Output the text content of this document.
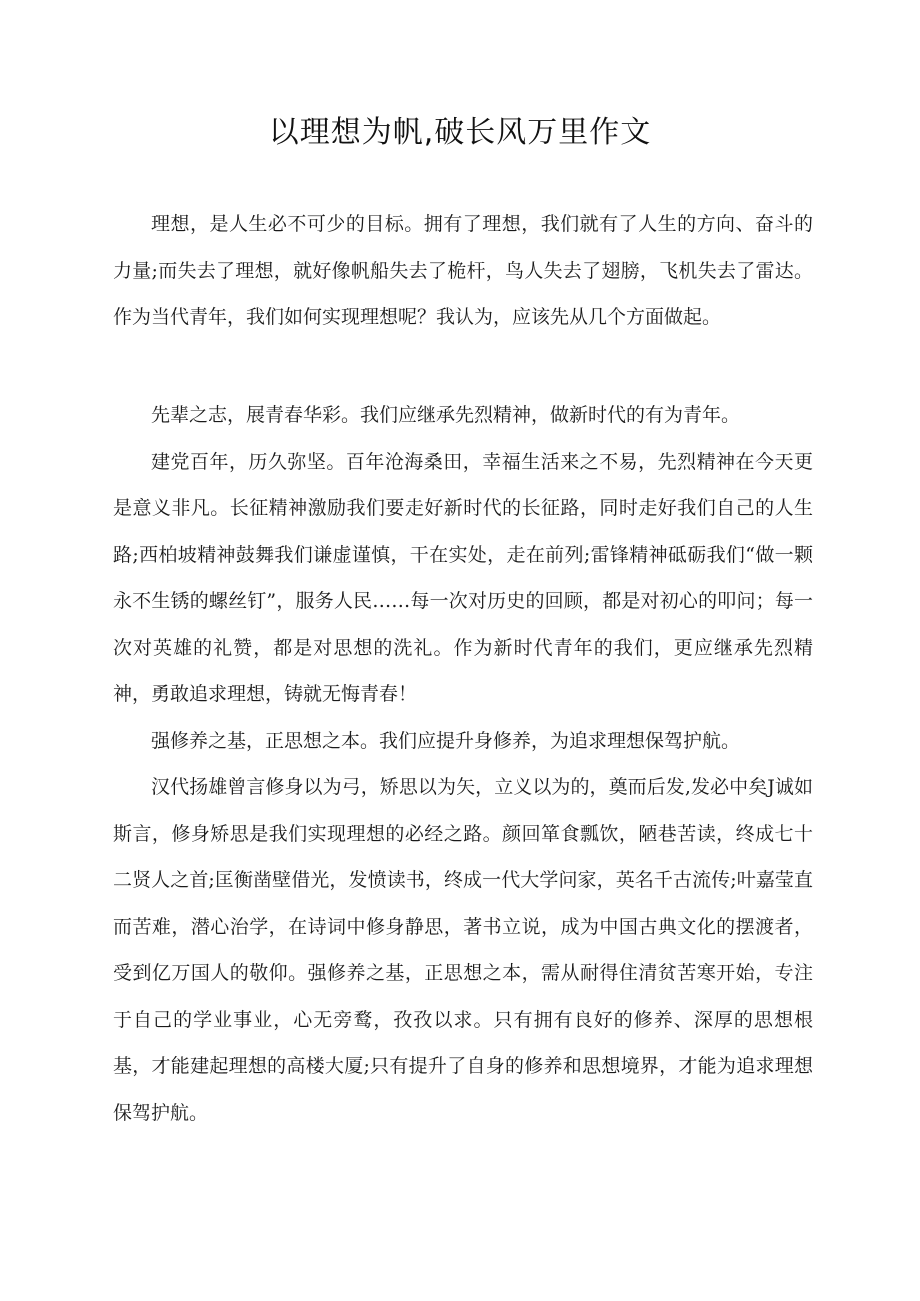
以理想为帆,破长风万里作文

理想，是人生必不可少的目标。拥有了理想，我们就有了人生的方向、奋斗的力量;而失去了理想，就好像帆船失去了桅杆，鸟人失去了翅膀，飞机失去了雷达。作为当代青年，我们如何实现理想呢？我认为，应该先从几个方面做起。

先辈之志，展青春华彩。我们应继承先烈精神，做新时代的有为青年。

建党百年，历久弥坚。百年沧海桑田，幸福生活来之不易，先烈精神在今天更是意义非凡。长征精神激励我们要走好新时代的长征路，同时走好我们自己的人生路;西柏坡精神鼓舞我们谦虚谨慎，干在实处，走在前列;雷锋精神砥砺我们“做一颗永不生锈的螺丝钉”，服务人民……每一次对历史的回顾，都是对初心的叩问；每一次对英雄的礼赞，都是对思想的洗礼。作为新时代青年的我们，更应继承先烈精神，勇敢追求理想，铸就无悔青春！

强修养之基，正思想之本。我们应提升身修养，为追求理想保驾护航。

汉代扬雄曾言修身以为弓，矫思以为矢，立义以为的，奠而后发,发必中矣J诚如斯言，修身矫思是我们实现理想的必经之路。颜回箪食瓢饮，陋巷苦读，终成七十二贤人之首;匡衡凿壁借光，发愤读书，终成一代大学问家，英名千古流传;叶嘉莹直而苦难，潜心治学，在诗词中修身静思，著书立说，成为中国古典文化的摆渡者，受到亿万国人的敬仰。强修养之基，正思想之本，需从耐得住清贫苦寒开始，专注于自己的学业事业，心无旁鹜，孜孜以求。只有拥有良好的修养、深厚的思想根基，才能建起理想的高楼大厦;只有提升了自身的修养和思想境界，才能为追求理想保驾护航。
